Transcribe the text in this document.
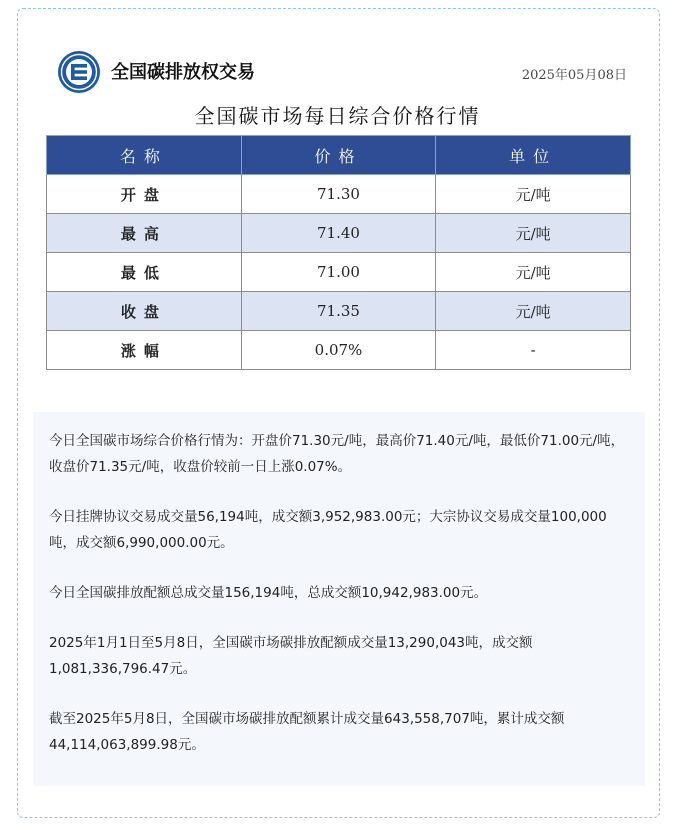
全国碳排放权交易	2025年05月08日
全国碳市场每日综合价格行情
名称	价格	单位
开盘	71.30	元/吨
最高	71.40	元/吨
最低	71.00	元/吨
收盘	71.35	元/吨
涨幅	0.07%	-

今日全国碳市场综合价格行情为：开盘价71.30元/吨，最高价71.40元/吨，最低价71.00元/吨，收盘价71.35元/吨，收盘价较前一日上涨0.07%。

今日挂牌协议交易成交量56,194吨，成交额3,952,983.00元；大宗协议交易成交量100,000吨，成交额6,990,000.00元。

今日全国碳排放配额总成交量156,194吨，总成交额10,942,983.00元。

2025年1月1日至5月8日，全国碳市场碳排放配额成交量13,290,043吨，成交额1,081,336,796.47元。

截至2025年5月8日，全国碳市场碳排放配额累计成交量643,558,707吨，累计成交额44,114,063,899.98元。
